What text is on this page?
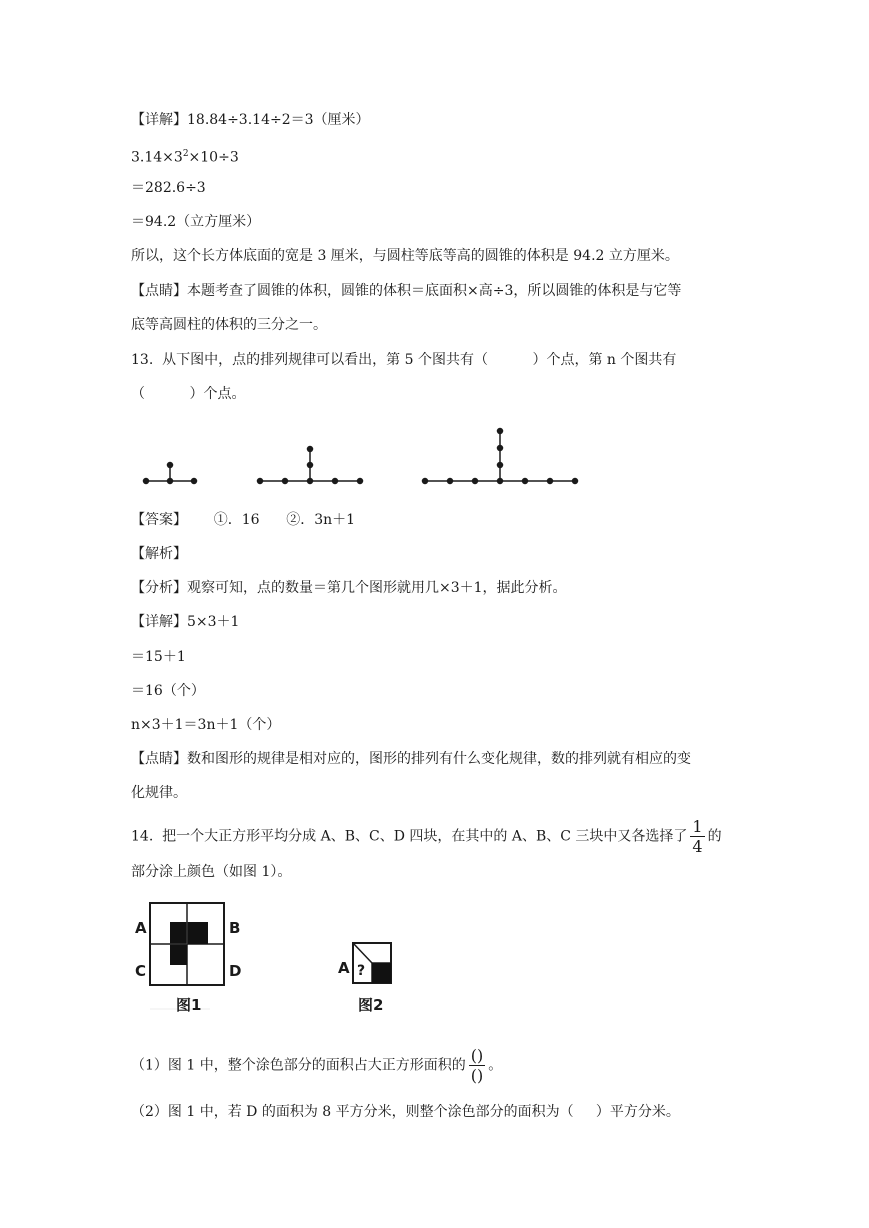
【详解】18.84÷3.14÷2＝3（厘米）
$3.14\times 3^2\times 10\div 3$
＝282.6÷3
＝94.2（立方厘米）
所以，这个长方体底面的宽是 3 厘米，与圆柱等底等高的圆锥的体积是 94.2 立方厘米。
【点睛】本题考查了圆锥的体积，圆锥的体积＝底面积×高÷3，所以圆锥的体积是与它等
底等高圆柱的体积的三分之一。
13.  从下图中，点的排列规律可以看出，第 5 个图共有（          ）个点，第 n 个图共有
（          ）个点。
【答案】      ①．16      ②．3n＋1
【解析】
【分析】观察可知，点的数量＝第几个图形就用几×3＋1，据此分析。
【详解】5×3＋1
＝15＋1
＝16（个）
n×3＋1＝3n＋1（个）
【点睛】数和图形的规律是相对应的，图形的排列有什么变化规律，数的排列就有相应的变
化规律。
14.  把一个大正方形平均分成 A、B、C、D 四块，在其中的 A、B、C 三块中又各选择了 $\frac{1}{4}$ 的
部分涂上颜色（如图 1）。
A	B
C	D
图1
A ?
图2
（1）图 1 中，整个涂色部分的面积占大正方形面积的 $\frac{()}{()}$ 。
（2）图 1 中，若 D 的面积为 8 平方分米，则整个涂色部分的面积为（     ）平方分米。
